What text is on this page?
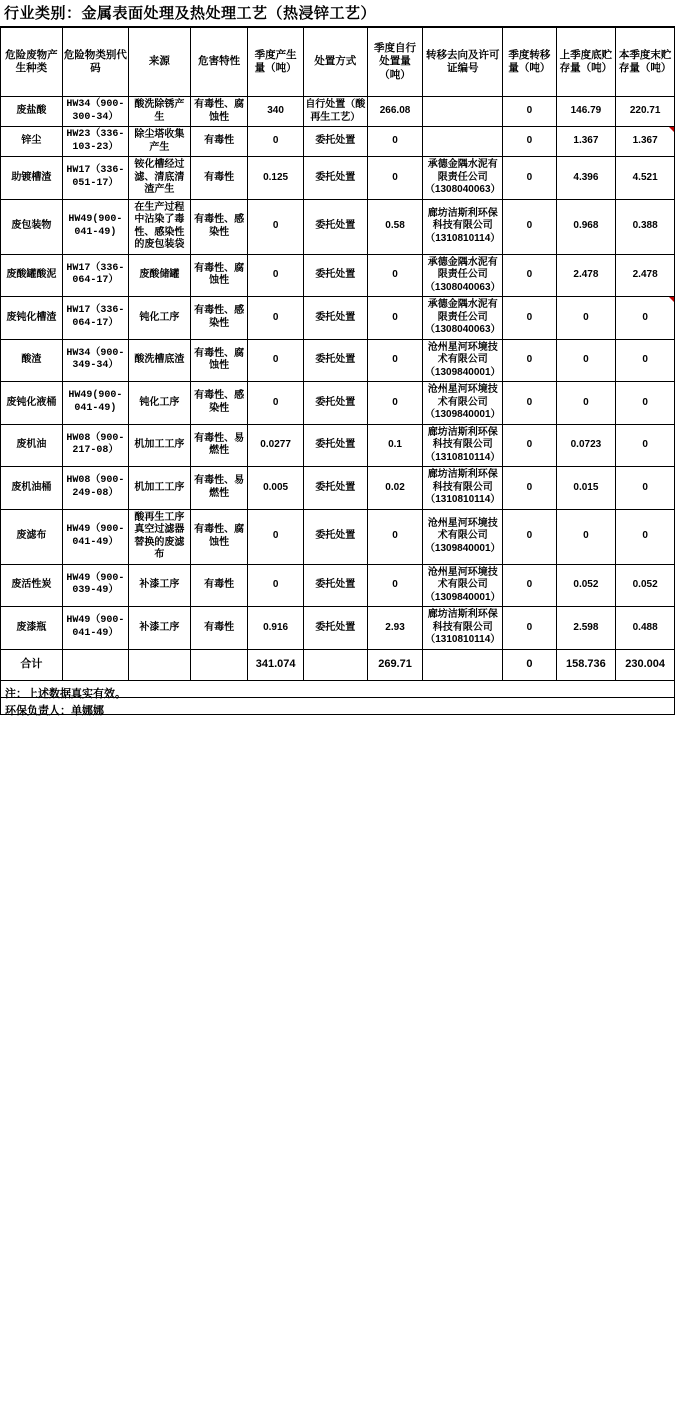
行业类别：金属表面处理及热处理工艺（热浸锌工艺）
危险废物产生种类	危险物类别代码	来源	危害特性	季度产生量（吨）	处置方式	季度自行处置量（吨）	转移去向及许可证编号	季度转移量（吨）	上季度底贮存量（吨）	本季度末贮存量（吨）
废盐酸	HW34（900-300-34）	酸洗除锈产生	有毒性、腐蚀性	340	自行处置（酸再生工艺）	266.08		0	146.79	220.71
锌尘	HW23（336-103-23）	除尘塔收集产生	有毒性	0	委托处置	0		0	1.367	1.367
助镀槽渣	HW17（336-051-17）	铵化槽经过滤、清底清渣产生	有毒性	0.125	委托处置	0	承德金隅水泥有限责任公司（1308040063）	0	4.396	4.521
废包装物	HW49(900-041-49)	在生产过程中沾染了毒性、感染性的废包装袋	有毒性、感染性	0	委托处置	0.58	廊坊洁斯利环保科技有限公司（1310810114）	0	0.968	0.388
废酸罐酸泥	HW17（336-064-17）	废酸储罐	有毒性、腐蚀性	0	委托处置	0	承德金隅水泥有限责任公司（1308040063）	0	2.478	2.478
废钝化槽渣	HW17（336-064-17）	钝化工序	有毒性、感染性	0	委托处置	0	承德金隅水泥有限责任公司（1308040063）	0	0	0
酸渣	HW34（900-349-34）	酸洗槽底渣	有毒性、腐蚀性	0	委托处置	0	沧州星河环境技术有限公司（1309840001）	0	0	0
废钝化液桶	HW49(900-041-49)	钝化工序	有毒性、感染性	0	委托处置	0	沧州星河环境技术有限公司（1309840001）	0	0	0
废机油	HW08（900-217-08）	机加工工序	有毒性、易燃性	0.0277	委托处置	0.1	廊坊洁斯利环保科技有限公司（1310810114）	0	0.0723	0
废机油桶	HW08（900-249-08）	机加工工序	有毒性、易燃性	0.005	委托处置	0.02	廊坊洁斯利环保科技有限公司（1310810114）	0	0.015	0
废滤布	HW49（900-041-49）	酸再生工序真空过滤器替换的废滤布	有毒性、腐蚀性	0	委托处置	0	沧州星河环境技术有限公司（1309840001）	0	0	0
废活性炭	HW49（900-039-49）	补漆工序	有毒性	0	委托处置	0	沧州星河环境技术有限公司（1309840001）	0	0.052	0.052
废漆瓶	HW49（900-041-49）	补漆工序	有毒性	0.916	委托处置	2.93	廊坊洁斯利环保科技有限公司（1310810114）	0	2.598	0.488
合计				341.074		269.71		0	158.736	230.004
注：上述数据真实有效。
环保负责人：单娜娜
